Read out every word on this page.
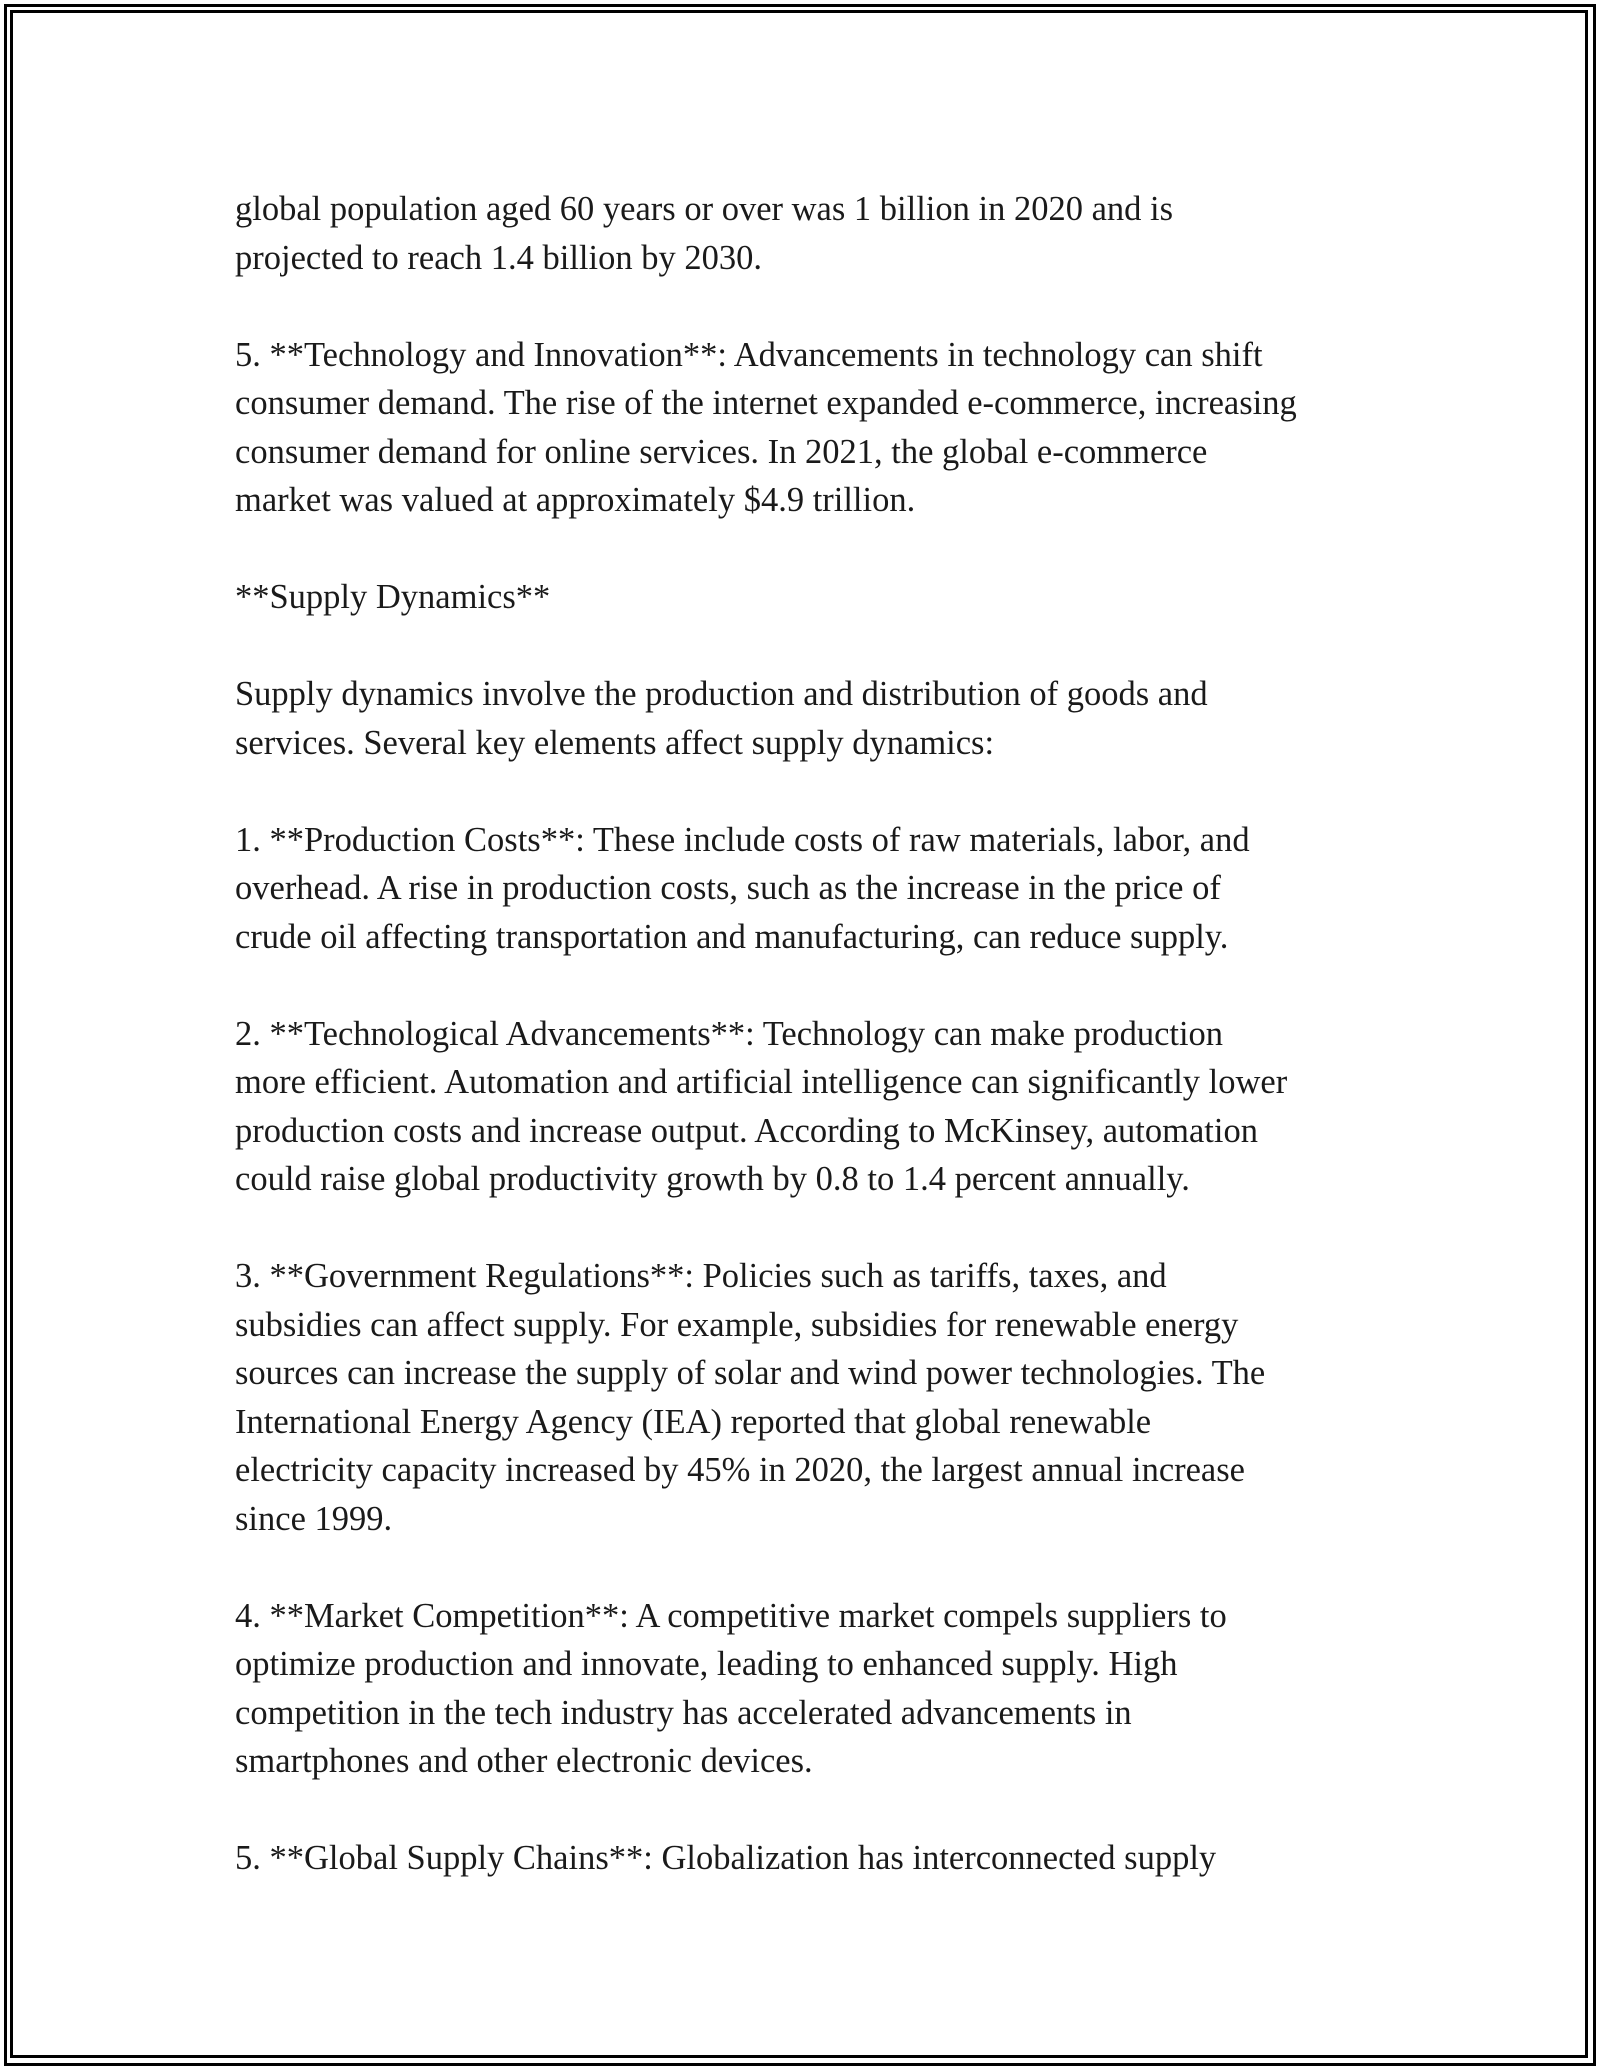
global population aged 60 years or over was 1 billion in 2020 and is
projected to reach 1.4 billion by 2030.

5. **Technology and Innovation**: Advancements in technology can shift
consumer demand. The rise of the internet expanded e-commerce, increasing
consumer demand for online services. In 2021, the global e-commerce
market was valued at approximately $4.9 trillion.

**Supply Dynamics**

Supply dynamics involve the production and distribution of goods and
services. Several key elements affect supply dynamics:

1. **Production Costs**: These include costs of raw materials, labor, and
overhead. A rise in production costs, such as the increase in the price of
crude oil affecting transportation and manufacturing, can reduce supply.

2. **Technological Advancements**: Technology can make production
more efficient. Automation and artificial intelligence can significantly lower
production costs and increase output. According to McKinsey, automation
could raise global productivity growth by 0.8 to 1.4 percent annually.

3. **Government Regulations**: Policies such as tariffs, taxes, and
subsidies can affect supply. For example, subsidies for renewable energy
sources can increase the supply of solar and wind power technologies. The
International Energy Agency (IEA) reported that global renewable
electricity capacity increased by 45% in 2020, the largest annual increase
since 1999.

4. **Market Competition**: A competitive market compels suppliers to
optimize production and innovate, leading to enhanced supply. High
competition in the tech industry has accelerated advancements in
smartphones and other electronic devices.

5. **Global Supply Chains**: Globalization has interconnected supply
